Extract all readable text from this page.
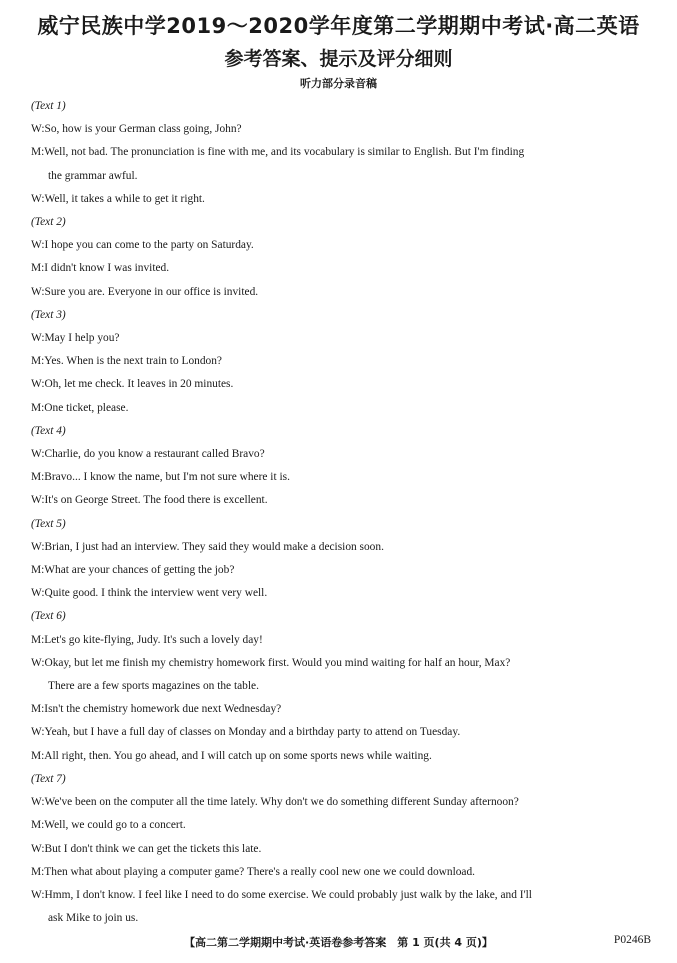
威宁民族中学2019～2020学年度第二学期期中考试·高二英语
参考答案、提示及评分细则
听力部分录音稿
(Text 1)
W:So, how is your German class going, John?
M:Well, not bad. The pronunciation is fine with me, and its vocabulary is similar to English. But I'm finding
the grammar awful.
W:Well, it takes a while to get it right.
(Text 2)
W:I hope you can come to the party on Saturday.
M:I didn't know I was invited.
W:Sure you are. Everyone in our office is invited.
(Text 3)
W:May I help you?
M:Yes. When is the next train to London?
W:Oh, let me check. It leaves in 20 minutes.
M:One ticket, please.
(Text 4)
W:Charlie, do you know a restaurant called Bravo?
M:Bravo... I know the name, but I'm not sure where it is.
W:It's on George Street. The food there is excellent.
(Text 5)
W:Brian, I just had an interview. They said they would make a decision soon.
M:What are your chances of getting the job?
W:Quite good. I think the interview went very well.
(Text 6)
M:Let's go kite-flying, Judy. It's such a lovely day!
W:Okay, but let me finish my chemistry homework first. Would you mind waiting for half an hour, Max?
There are a few sports magazines on the table.
M:Isn't the chemistry homework due next Wednesday?
W:Yeah, but I have a full day of classes on Monday and a birthday party to attend on Tuesday.
M:All right, then. You go ahead, and I will catch up on some sports news while waiting.
(Text 7)
W:We've been on the computer all the time lately. Why don't we do something different Sunday afternoon?
M:Well, we could go to a concert.
W:But I don't think we can get the tickets this late.
M:Then what about playing a computer game? There's a really cool new one we could download.
W:Hmm, I don't know. I feel like I need to do some exercise. We could probably just walk by the lake, and I'll
ask Mike to join us.
【高二第二学期期中考试·英语卷参考答案　第 1 页(共 4 页)】	P0246B
